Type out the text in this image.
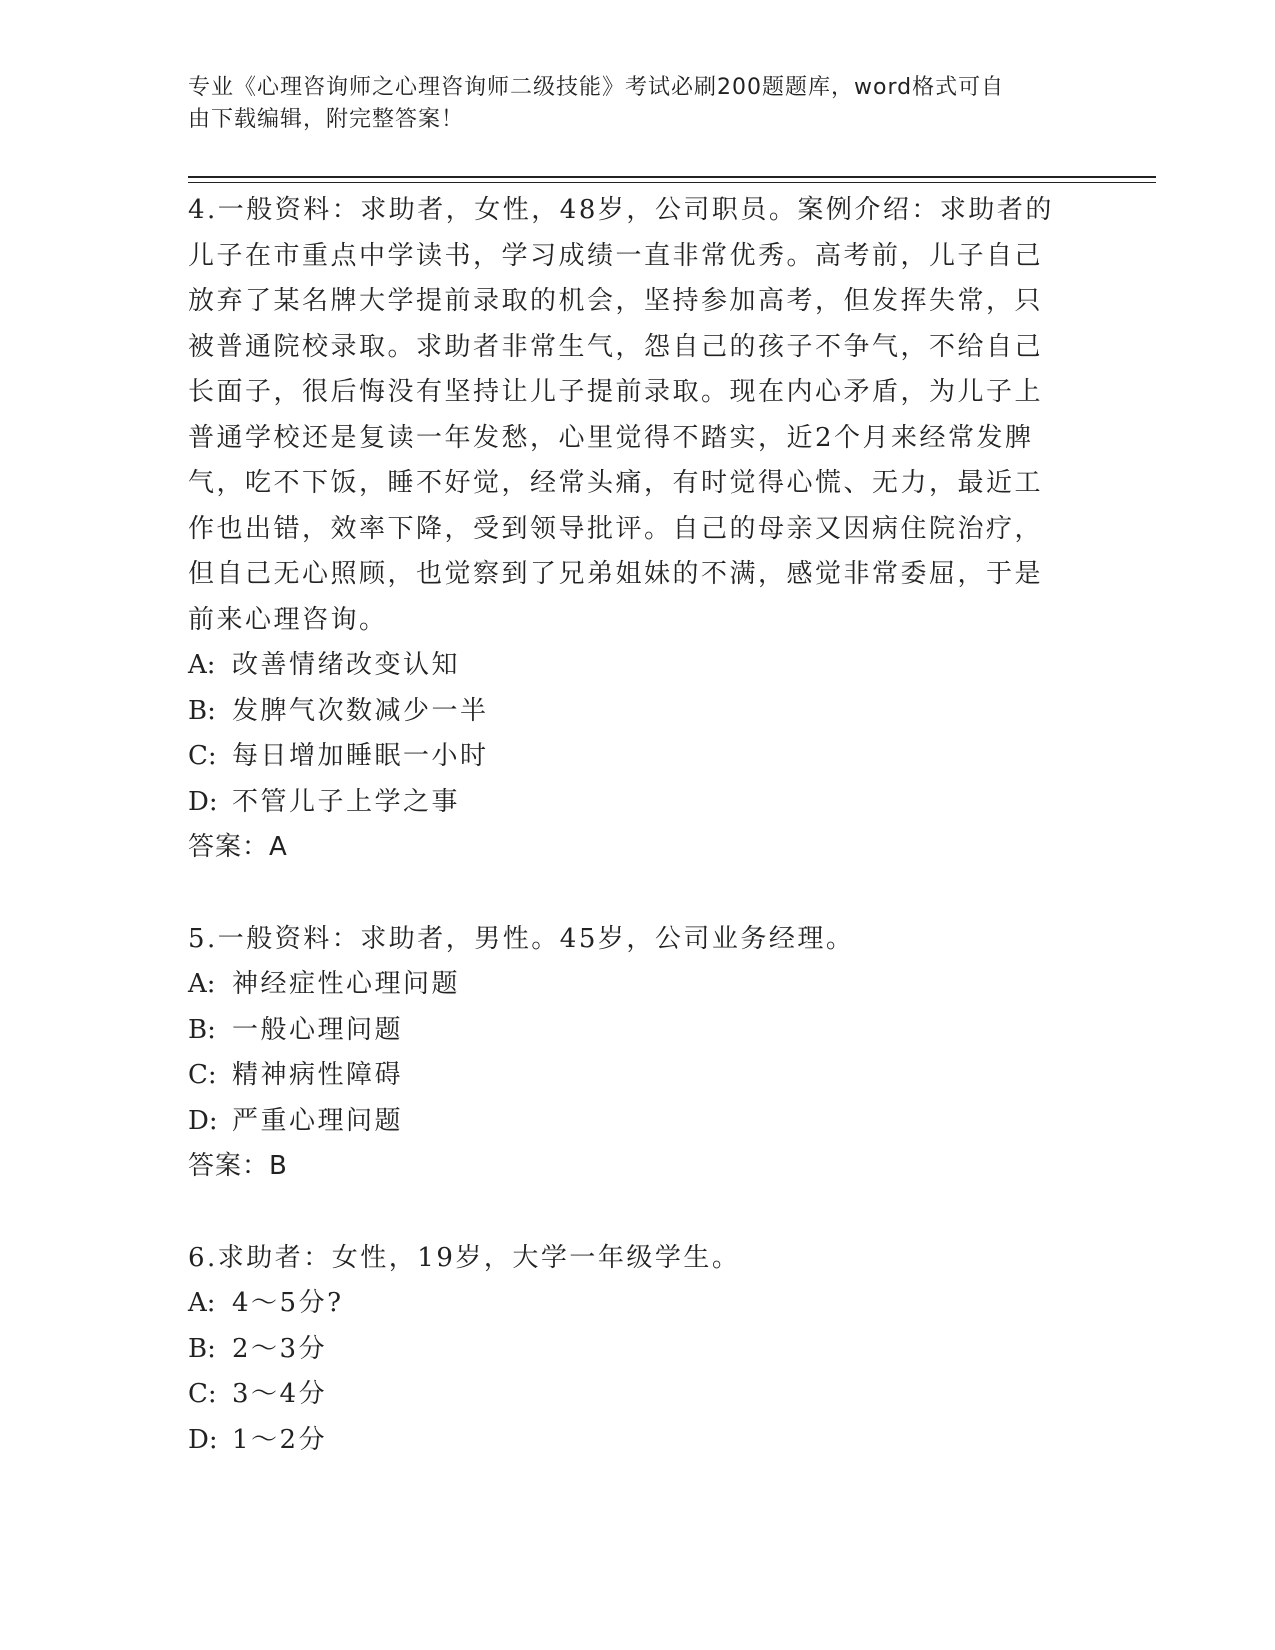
专业《心理咨询师之心理咨询师二级技能》考试必刷200题题库，word格式可自
由下载编辑，附完整答案！

4.一般资料：求助者，女性，48岁，公司职员。案例介绍：求助者的

儿子在市重点中学读书，学习成绩一直非常优秀。高考前，儿子自己

放弃了某名牌大学提前录取的机会，坚持参加高考，但发挥失常，只

被普通院校录取。求助者非常生气，怨自己的孩子不争气，不给自己

长面子，很后悔没有坚持让儿子提前录取。现在内心矛盾，为儿子上

普通学校还是复读一年发愁，心里觉得不踏实，近2个月来经常发脾

气，吃不下饭，睡不好觉，经常头痛，有时觉得心慌、无力，最近工

作也出错，效率下降，受到领导批评。自己的母亲又因病住院治疗，

但自己无心照顾，也觉察到了兄弟姐妹的不满，感觉非常委屈，于是

前来心理咨询。

A: 改善情绪改变认知

B: 发脾气次数减少一半

C: 每日增加睡眠一小时

D: 不管儿子上学之事

答案：A

5.一般资料：求助者，男性。45岁，公司业务经理。

A: 神经症性心理问题

B: 一般心理问题

C: 精神病性障碍

D: 严重心理问题

答案：B

6.求助者：女性，19岁，大学一年级学生。

A: 4～5分?

B: 2～3分

C: 3～4分

D: 1～2分
